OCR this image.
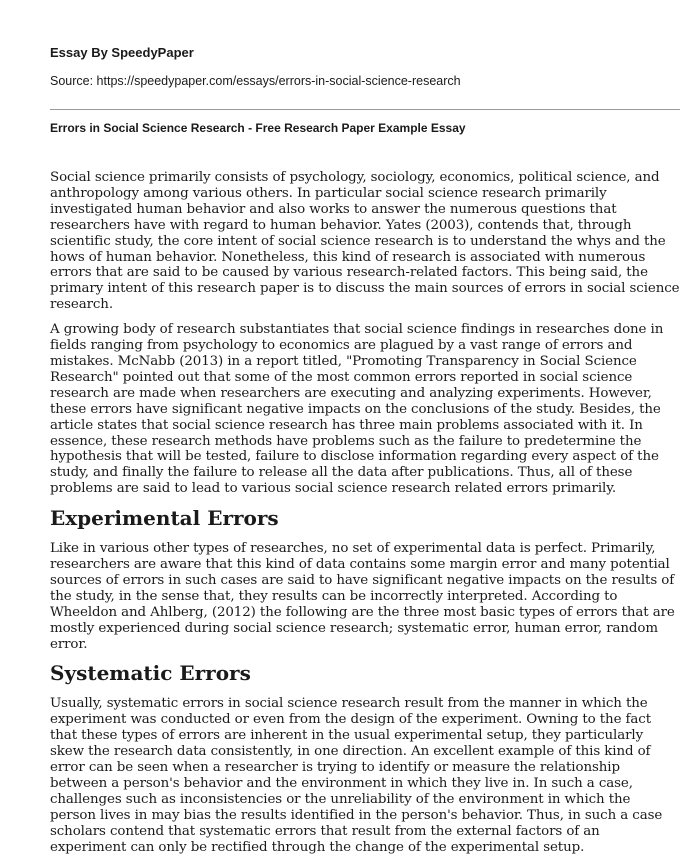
Essay By SpeedyPaper

Source: https://speedypaper.com/essays/errors-in-social-science-research

Errors in Social Science Research - Free Research Paper Example Essay

Social science primarily consists of psychology, sociology, economics, political science, and anthropology among various others. In particular social science research primarily investigated human behavior and also works to answer the numerous questions that researchers have with regard to human behavior. Yates (2003), contends that, through scientific study, the core intent of social science research is to understand the whys and the hows of human behavior. Nonetheless, this kind of research is associated with numerous errors that are said to be caused by various research-related factors. This being said, the primary intent of this research paper is to discuss the main sources of errors in social science research.

A growing body of research substantiates that social science findings in researches done in fields ranging from psychology to economics are plagued by a vast range of errors and mistakes. McNabb (2013) in a report titled, "Promoting Transparency in Social Science Research" pointed out that some of the most common errors reported in social science research are made when researchers are executing and analyzing experiments. However, these errors have significant negative impacts on the conclusions of the study. Besides, the article states that social science research has three main problems associated with it. In essence, these research methods have problems such as the failure to predetermine the hypothesis that will be tested, failure to disclose information regarding every aspect of the study, and finally the failure to release all the data after publications. Thus, all of these problems are said to lead to various social science research related errors primarily.

Experimental Errors

Like in various other types of researches, no set of experimental data is perfect. Primarily, researchers are aware that this kind of data contains some margin error and many potential sources of errors in such cases are said to have significant negative impacts on the results of the study, in the sense that, they results can be incorrectly interpreted. According to Wheeldon and Ahlberg, (2012) the following are the three most basic types of errors that are mostly experienced during social science research; systematic error, human error, random error.

Systematic Errors

Usually, systematic errors in social science research result from the manner in which the experiment was conducted or even from the design of the experiment. Owning to the fact that these types of errors are inherent in the usual experimental setup, they particularly skew the research data consistently, in one direction. An excellent example of this kind of error can be seen when a researcher is trying to identify or measure the relationship between a person's behavior and the environment in which they live in. In such a case, challenges such as inconsistencies or the unreliability of the environment in which the person lives in may bias the results identified in the person's behavior. Thus, in such a case scholars contend that systematic errors that result from the external factors of an experiment can only be rectified through the change of the experimental setup.
